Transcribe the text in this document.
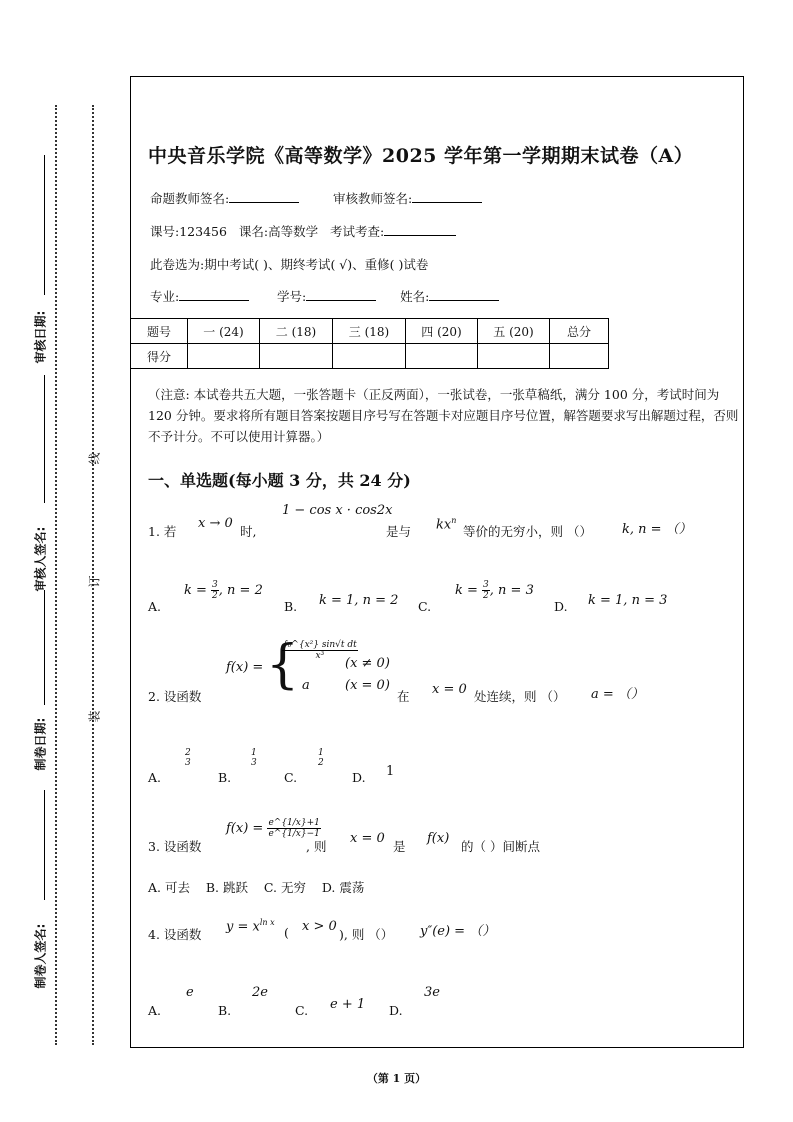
审核日期:
审核人签名:
制卷日期:
制卷人签名:
线
订
装
中央音乐学院《高等数学》2025 学年第一学期期末试卷（A）
命题教师签名:	审核教师签名:
课号:123456 课名:高等数学 考试考查:
此卷选为:期中考试( )、期终考试( √)、重修( )试卷
专业:	学号:	姓名:
题号	一 (24)	二 (18)	三 (18)	四 (20)	五 (20)	总分
得分						
（注意: 本试卷共五大题，一张答题卡（正反两面），一张试卷，一张草稿纸，满分 100 分，考试时间为 120 分钟。要求将所有题目答案按题目序号写在答题卡对应题目序号位置，解答题要求写出解题过程，否则不予计分。不可以使用计算器。）
一、单选题(每小题 3 分，共 24 分)
1. 若
x → 0
时,
1 − cos x · cos2x
是与 $kx^n$
等价的无穷小，则 （） k, n = （）
A.
$k = \frac{3}{2}$ , n = 2
B. k = 1, n = 2 C.
$k = \frac{3}{2}$ , n = 3
D. k = 1, n = 3
2. 设函数
f(x) = {
$\frac{\text{∫₀\textasciicircum{}\{x²\} sin√t dt}}{\text{x³}}$
(x ≠ 0)
a	(x = 0)
在 x = 0 处连续，则 （） a = （）
A.
2
3
B.
1
3
C.
1
2
D. 1
3. 设函数
$f(x) = \frac{e\^{}\{1/x\}+1}{e\^{}\{1/x\}-1}$
, 则
x = 0
是
f(x)
的（ ）间断点
A. 可去    B. 跳跃    C. 无穷    D. 震荡
4. 设函数
$y = x^{ln x}$
( x > 0
), 则 （） y″(e) = （）
A.
e
B.
2e
C. e + 1 D.
3e
（第 1 页）
